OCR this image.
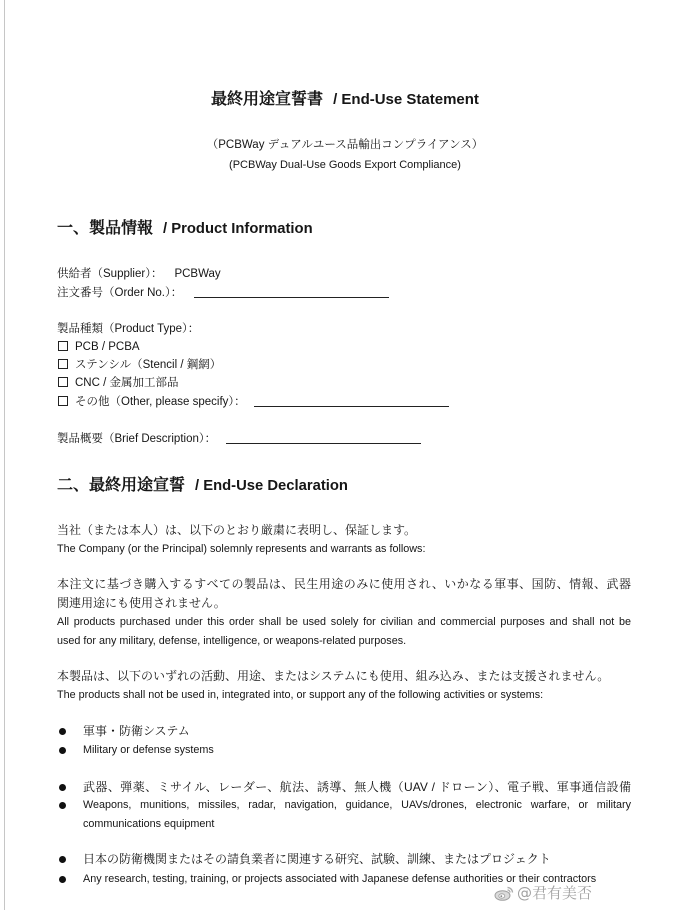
最終用途宣誓書 / End-Use Statement
（PCBWay デュアルユース品輸出コンプライアンス）
(PCBWay Dual-Use Goods Export Compliance)
一、製品情報 / Product Information
供給者（Supplier）： PCBWay
注文番号（Order No.）：
製品種類（Product Type）：
PCB / PCBA
ステンシル（Stencil / 鋼網）
CNC / 金属加工部品
その他（Other, please specify）：
製品概要（Brief Description）：
二、最終用途宣誓 / End-Use Declaration
当社（または本人）は、以下のとおり厳粛に表明し、保証します。
The Company (or the Principal) solemnly represents and warrants as follows:
本注文に基づき購入するすべての製品は、民生用途のみに使用され、いかなる軍事、国防、情報、武器
関連用途にも使用されません。
All products purchased under this order shall be used solely for civilian and commercial purposes and shall not be
used for any military, defense, intelligence, or weapons-related purposes.
本製品は、以下のいずれの活動、用途、またはシステムにも使用、組み込み、または支援されません。
The products shall not be used in, integrated into, or support any of the following activities or systems:
軍事・防衛システム
Military or defense systems
武器、弾薬、ミサイル、レーダー、航法、誘導、無人機（UAV / ドローン）、電子戦、軍事通信設備
Weapons, munitions, missiles, radar, navigation, guidance, UAVs/drones, electronic warfare, or military
communications equipment
日本の防衛機関またはその請負業者に関連する研究、試験、訓練、またはプロジェクト
Any research, testing, training, or projects associated with Japanese defense authorities or their contractors
@君有美否
